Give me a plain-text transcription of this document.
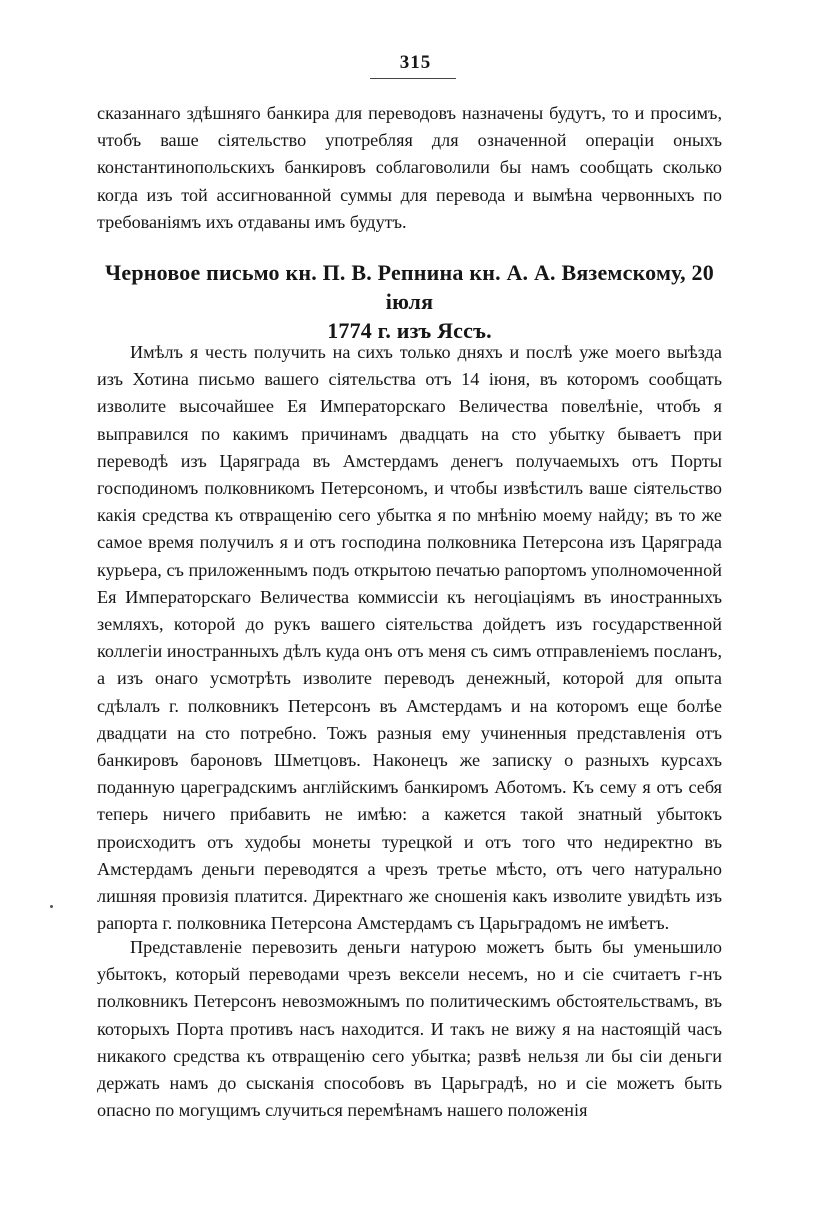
315

сказаннаго здѣшняго банкира для переводовъ назначены будутъ, то и просимъ, чтобъ ваше сіятельство употребляя для означенной операціи оныхъ константинопольскихъ банкировъ соблаговолили бы намъ сообщать сколько когда изъ той ассигнованной суммы для перевода и вымѣна червонныхъ по требованіямъ ихъ отдаваны имъ будутъ.

Черновое письмо кн. П. В. Репнина кн. А. А. Вяземскому, 20 іюля
1774 г. изъ Яссъ.

Имѣлъ я честь получить на сихъ только дняхъ и послѣ уже моего выѣзда изъ Хотина письмо вашего сіятельства отъ 14 іюня, въ которомъ сообщать изволите высочайшее Ея Императорскаго Величества повелѣніе, чтобъ я выправился по какимъ причинамъ двадцать на сто убытку бываетъ при переводѣ изъ Царяграда въ Амстердамъ денегъ получаемыхъ отъ Порты господиномъ полковникомъ Петерсономъ, и чтобы извѣстилъ ваше сіятельство какія средства къ отвращенію сего убытка я по мнѣнію моему найду; въ то же самое время получилъ я и отъ господина полковника Петерсона изъ Царяграда курьера, съ приложеннымъ подъ открытою печатью рапортомъ уполномоченной Ея Императорскаго Величества коммиссіи къ негоціаціямъ въ иностранныхъ земляхъ, которой до рукъ вашего сіятельства дойдетъ изъ государственной коллегіи иностранныхъ дѣлъ куда онъ отъ меня съ симъ отправленіемъ посланъ, а изъ онаго усмотрѣть изволите переводъ денежный, которой для опыта сдѣлалъ г. полковникъ Петерсонъ въ Амстердамъ и на которомъ еще болѣе двадцати на сто потребно. Тожъ разныя ему учиненныя представленія отъ банкировъ бароновъ Шметцовъ. Наконецъ же записку о разныхъ курсахъ поданную цареградскимъ англійскимъ банкиромъ Аботомъ. Къ сему я отъ себя теперь ничего прибавить не имѣю: а кажется такой знатный убытокъ происходитъ отъ худобы монеты турецкой и отъ того что недиректно въ Амстердамъ деньги переводятся а чрезъ третье мѣсто, отъ чего натурально лишняя провизія платится. Директнаго же сношенія какъ изволите увидѣть изъ рапорта г. полковника Петерсона Амстердамъ съ Царьградомъ не имѣетъ.

Представленіе перевозить деньги натурою можетъ быть бы уменьшило убытокъ, который переводами чрезъ вексели несемъ, но и сіе считаетъ г-нъ полковникъ Петерсонъ невозможнымъ по политическимъ обстоятельствамъ, въ которыхъ Порта противъ насъ находится. И такъ не вижу я на настоящій часъ никакого средства къ отвращенію сего убытка; развѣ нельзя ли бы сіи деньги держать намъ до сысканія способовъ въ Царьградѣ, но и сіе можетъ быть опасно по могущимъ случиться перемѣнамъ нашего положенія
